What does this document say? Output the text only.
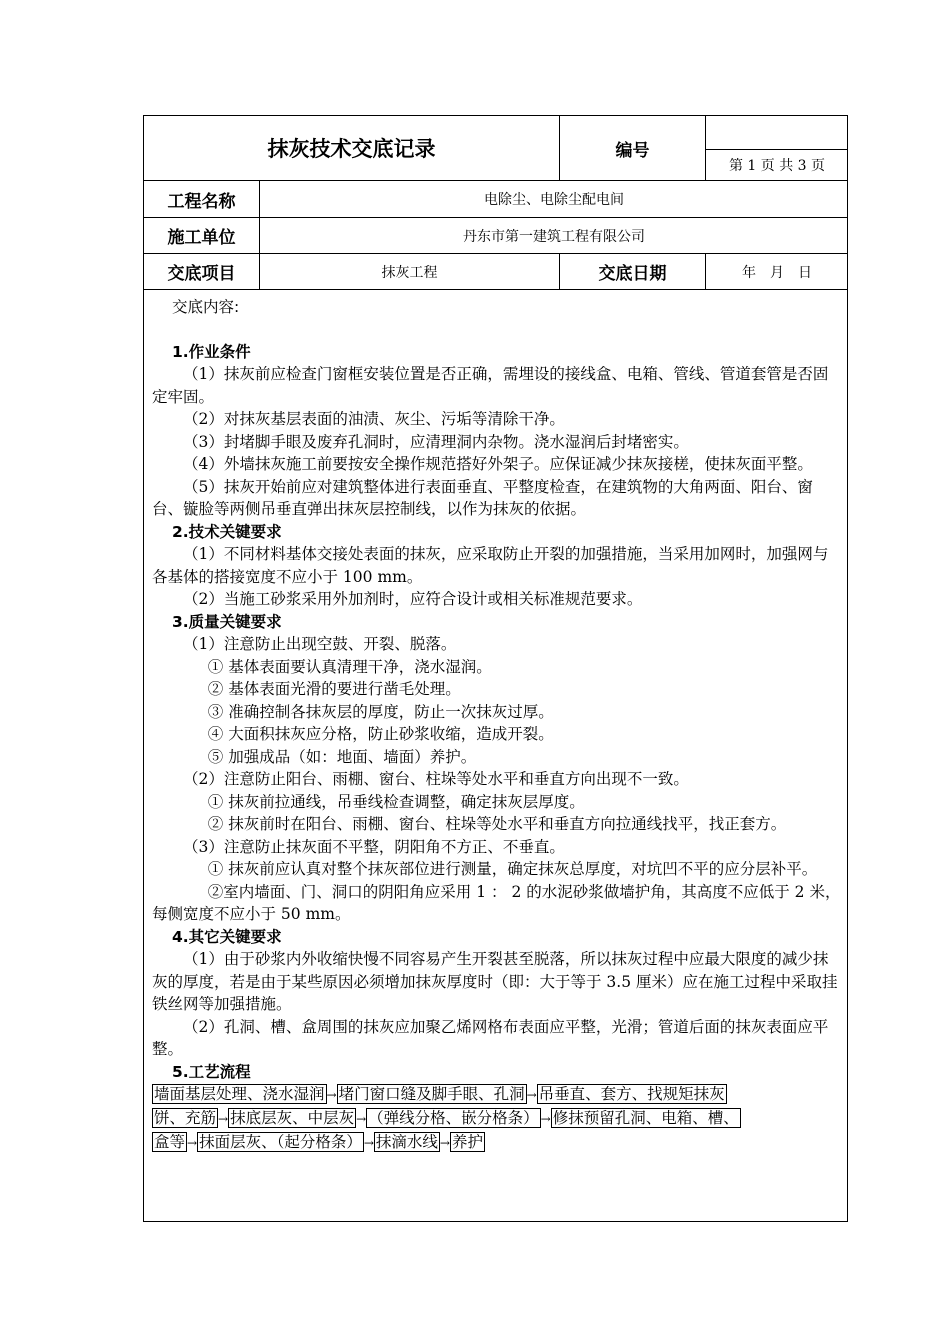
抹灰技术交底记录	编号
第 1 页 共 3 页
工程名称	电除尘、电除尘配电间
施工单位	丹东市第一建筑工程有限公司
交底项目	抹灰工程	交底日期	年　月　日

交底内容:

1.作业条件

（1）抹灰前应检查门窗框安装位置是否正确，需埋设的接线盒、电箱、管线、管道套管是否固定牢固。

（2）对抹灰基层表面的油渍、灰尘、污垢等清除干净。

（3）封堵脚手眼及废弃孔洞时，应清理洞内杂物。浇水湿润后封堵密实。

（4）外墙抹灰施工前要按安全操作规范搭好外架子。应保证减少抹灰接槎，使抹灰面平整。

（5）抹灰开始前应对建筑整体进行表面垂直、平整度检查，在建筑物的大角两面、阳台、窗台、镟脸等两侧吊垂直弹出抹灰层控制线，以作为抹灰的依据。

2.技术关键要求

（1）不同材料基体交接处表面的抹灰，应采取防止开裂的加强措施，当采用加网时，加强网与各基体的搭接宽度不应小于 100 mm。

（2）当施工砂浆采用外加剂时，应符合设计或相关标准规范要求。

3.质量关键要求

（1）注意防止出现空鼓、开裂、脱落。

① 基体表面要认真清理干净，浇水湿润。

② 基体表面光滑的要进行凿毛处理。

③ 准确控制各抹灰层的厚度，防止一次抹灰过厚。

④ 大面积抹灰应分格，防止砂浆收缩，造成开裂。

⑤ 加强成品（如：地面、墙面）养护。

（2）注意防止阳台、雨棚、窗台、柱垛等处水平和垂直方向出现不一致。

① 抹灰前拉通线，吊垂线检查调整，确定抹灰层厚度。

② 抹灰前时在阳台、雨棚、窗台、柱垛等处水平和垂直方向拉通线找平，找正套方。

（3）注意防止抹灰面不平整，阴阳角不方正、不垂直。

① 抹灰前应认真对整个抹灰部位进行测量，确定抹灰总厚度，对坑凹不平的应分层补平。

②室内墙面、门、洞口的阴阳角应采用 1 ： 2 的水泥砂浆做墙护角，其高度不应低于 2 米，每侧宽度不应小于 50 mm。

4.其它关键要求

（1）由于砂浆内外收缩快慢不同容易产生开裂甚至脱落，所以抹灰过程中应最大限度的减少抹灰的厚度，若是由于某些原因必须增加抹灰厚度时（即：大于等于 3.5 厘米）应在施工过程中采取挂铁丝网等加强措施。

（2）孔洞、槽、盒周围的抹灰应加聚乙烯网格布表面应平整，光滑；管道后面的抹灰表面应平整。

5.工艺流程

墙面基层处理、浇水湿润 → 堵门窗口缝及脚手眼、孔洞 → 吊垂直、套方、找规矩抹灰
饼、充筋 → 抹底层灰、中层灰 → （弹线分格、嵌分格条） → 修抹预留孔洞、电箱、槽、
盒等 → 抹面层灰、（起分格条） → 抹滴水线 → 养护
